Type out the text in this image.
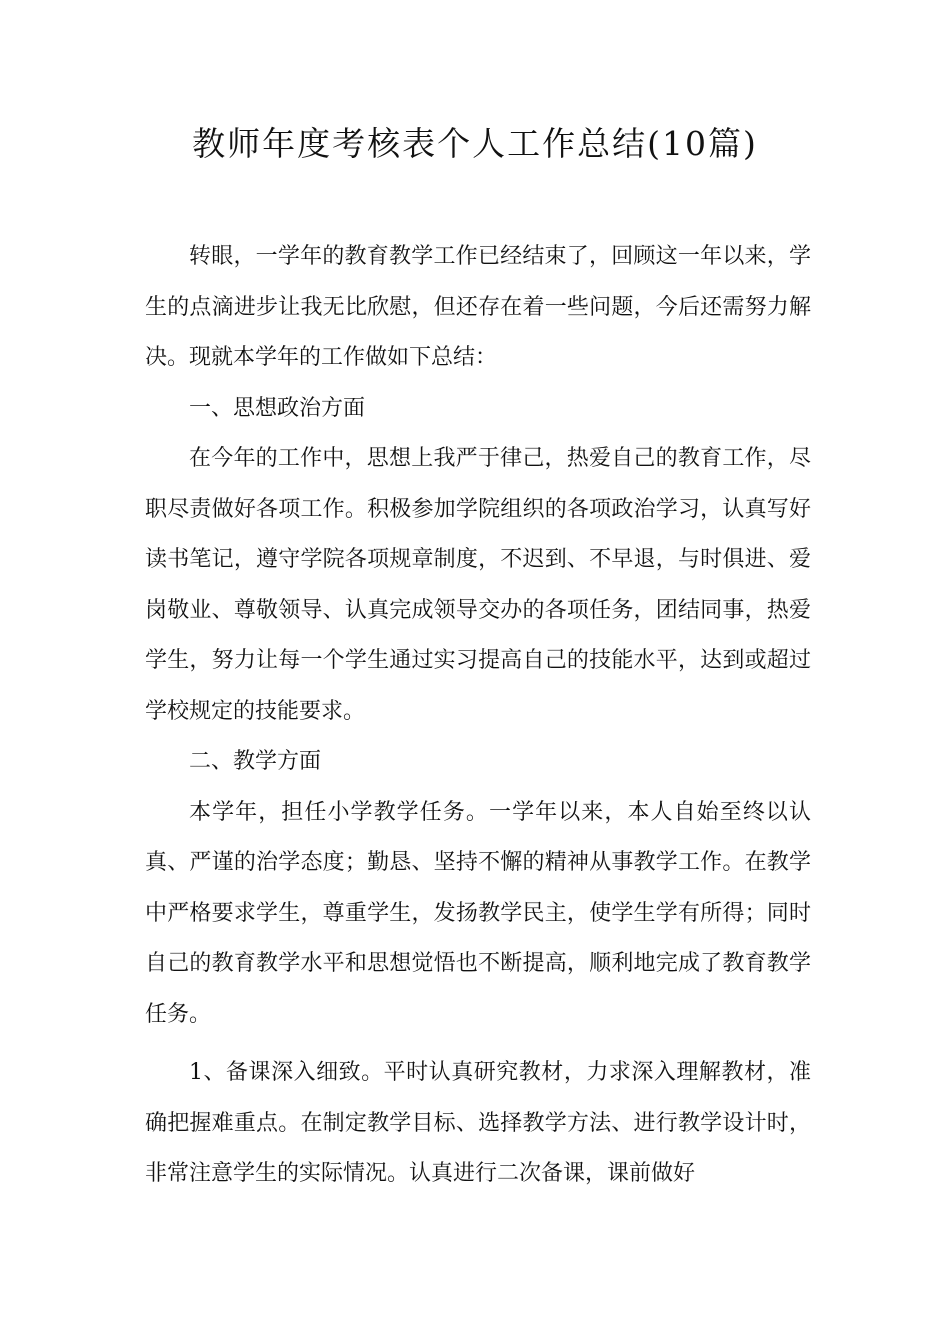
教师年度考核表个人工作总结(10篇)

转眼，一学年的教育教学工作已经结束了，回顾这一年以来，学生的点滴进步让我无比欣慰，但还存在着一些问题，今后还需努力解决。现就本学年的工作做如下总结：

一、思想政治方面

在今年的工作中，思想上我严于律己，热爱自己的教育工作，尽职尽责做好各项工作。积极参加学院组织的各项政治学习，认真写好读书笔记，遵守学院各项规章制度，不迟到、不早退，与时俱进、爱岗敬业、尊敬领导、认真完成领导交办的各项任务，团结同事，热爱学生，努力让每一个学生通过实习提高自己的技能水平，达到或超过学校规定的技能要求。

二、教学方面

本学年，担任小学教学任务。一学年以来，本人自始至终以认真、严谨的治学态度；勤恳、坚持不懈的精神从事教学工作。在教学中严格要求学生，尊重学生，发扬教学民主，使学生学有所得；同时自己的教育教学水平和思想觉悟也不断提高，顺利地完成了教育教学任务。

1、备课深入细致。平时认真研究教材，力求深入理解教材，准确把握难重点。在制定教学目标、选择教学方法、进行教学设计时，非常注意学生的实际情况。认真进行二次备课，课前做好
